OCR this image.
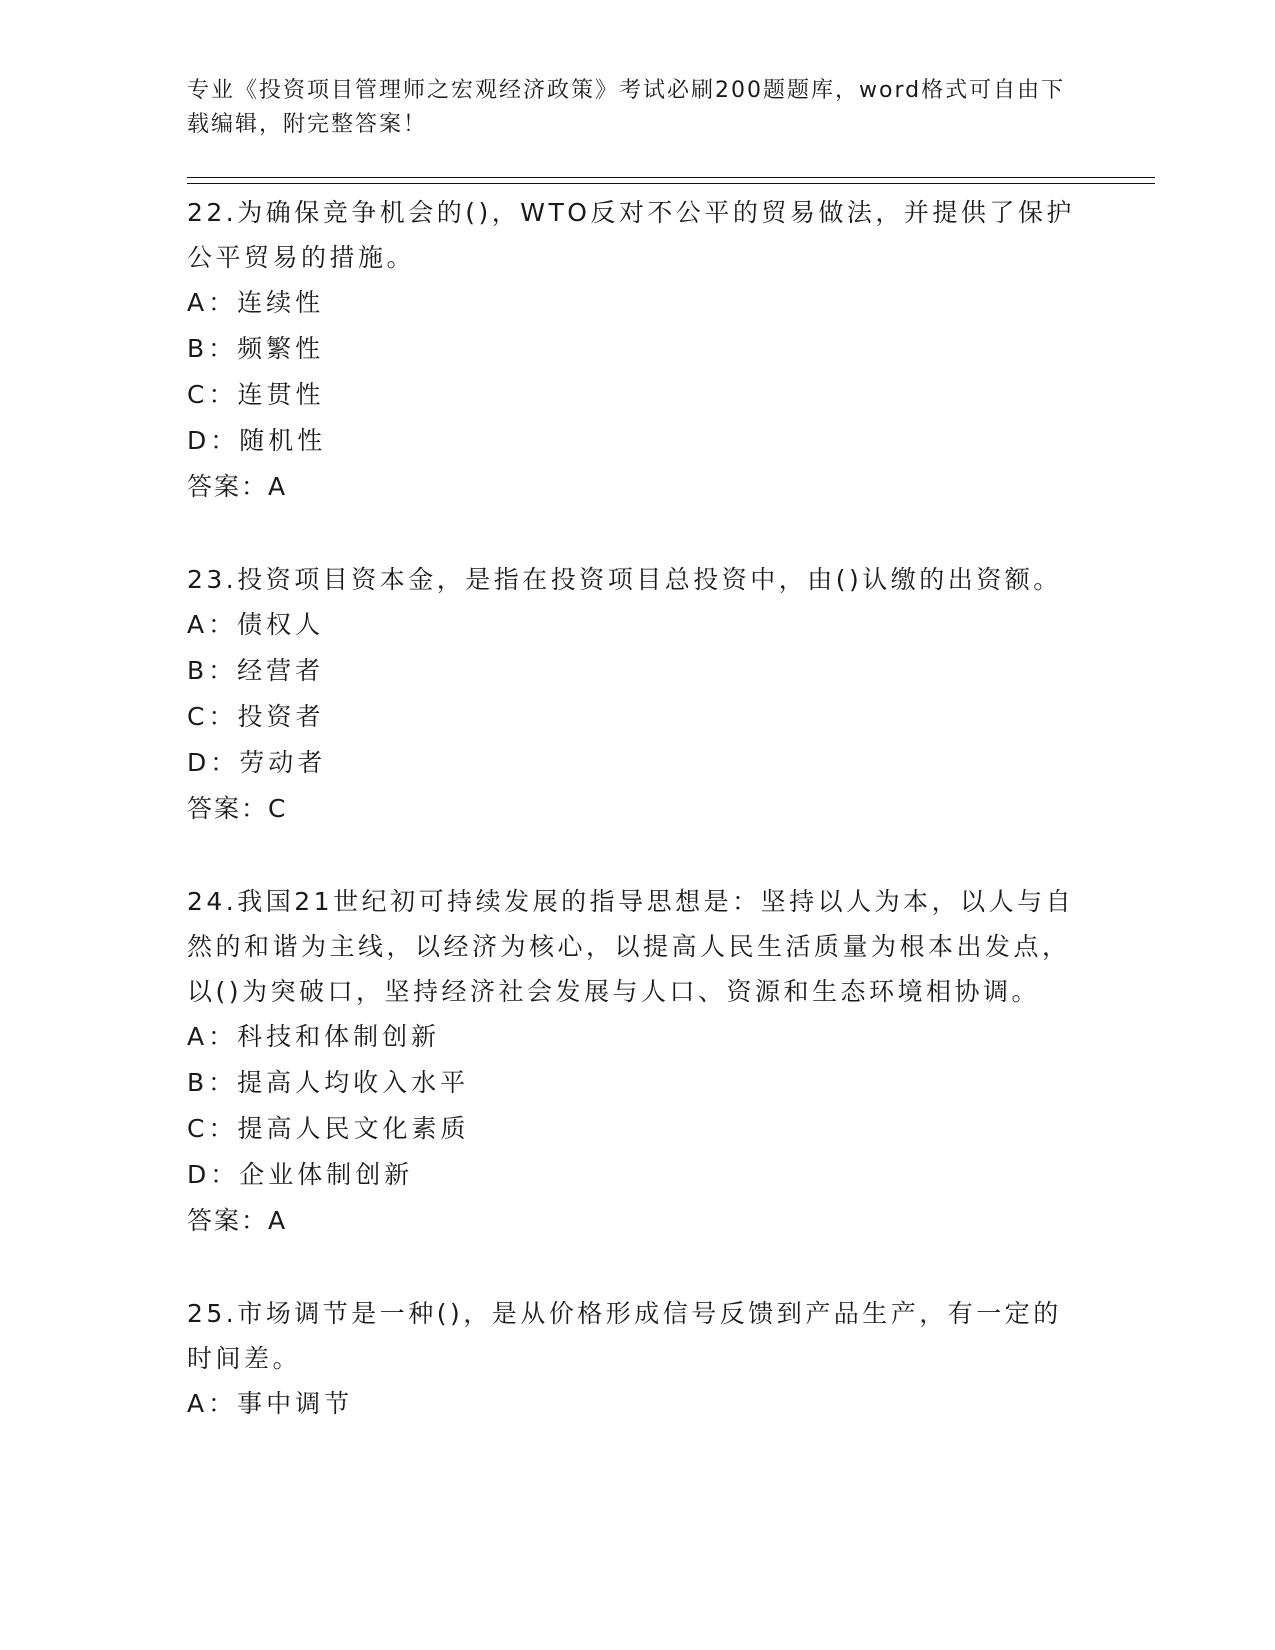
专业《投资项目管理师之宏观经济政策》考试必刷200题题库，word格式可自由下载编辑，附完整答案！

22.为确保竞争机会的()，WTO反对不公平的贸易做法，并提供了保护公平贸易的措施。

A：连续性

B：频繁性

C：连贯性

D：随机性

答案：A

23.投资项目资本金，是指在投资项目总投资中，由()认缴的出资额。

A：债权人

B：经营者

C：投资者

D：劳动者

答案：C

24.我国21世纪初可持续发展的指导思想是：坚持以人为本，以人与自然的和谐为主线，以经济为核心，以提高人民生活质量为根本出发点，以()为突破口，坚持经济社会发展与人口、资源和生态环境相协调。

A：科技和体制创新

B：提高人均收入水平

C：提高人民文化素质

D：企业体制创新

答案：A

25.市场调节是一种()，是从价格形成信号反馈到产品生产，有一定的时间差。

A：事中调节
